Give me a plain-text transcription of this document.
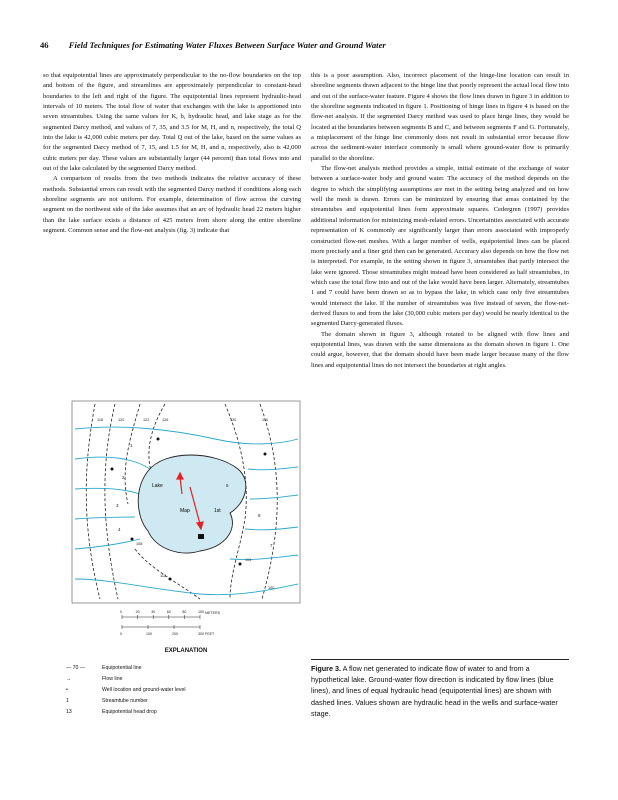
46 Field Techniques for Estimating Water Fluxes Between Surface Water and Ground Water

so that equipotential lines are approximately perpendicular to the no-flow boundaries on the top and bottom of the figure, and streamlines are approximately perpendicular to constant-head boundaries to the left and right of the figure. The equipotential lines represent hydraulic-head intervals of 10 meters. The total flow of water that exchanges with the lake is apportioned into seven streamtubes. Using the same values for K, b, hydraulic head, and lake stage as for the segmented Darcy method, and values of 7, 35, and 3.5 for M, H, and n, respectively, the total Q into the lake is 42,000 cubic meters per day. Total Q out of the lake, based on the same values as for the segmented Darcy method of 7, 15, and 1.5 for M, H, and n, respectively, also is 42,000 cubic meters per day. These values are substantially larger (44 percent) than total flows into and out of the lake calculated by the segmented Darcy method.

A comparison of results from the two methods indicates the relative accuracy of these methods. Substantial errors can result with the segmented Darcy method if conditions along each shoreline segments are not uniform. For example, determination of flow across the curving segment on the northwest side of the lake assumes that an arc of hydraulic head 22 meters higher than the lake surface exists a distance of 425 meters from shore along the entire shoreline segment. Common sense and the flow-net analysis (fig. 3) indicate that

this is a poor assumption. Also, incorrect placement of the hinge-line location can result in shoreline segments drawn adjacent to the hinge line that poorly represent the actual local flow into and out of the surface-water feature. Figure 4 shows the flow lines drawn in figure 3 in addition to the shoreline segments indicated in figure 1. Positioning of hinge lines in figure 4 is based on the flow-net analysis. If the segmented Darcy method was used to place hinge lines, they would be located at the boundaries between segments B and C, and between segments F and G. Fortunately, a misplacement of the hinge line commonly does not result in substantial error because flow across the sediment-water interface commonly is small where ground-water flow is primarily parallel to the shoreline.

The flow-net analysis method provides a simple, initial estimate of the exchange of water between a surface-water body and ground water. The accuracy of the method depends on the degree to which the simplifying assumptions are met in the setting being analyzed and on how well the mesh is drawn. Errors can be minimized by ensuring that areas contained by the streamtubes and equipotential lines form approximate squares. Cedergren (1997) provides additional information for minimizing mesh-related errors. Uncertainties associated with accurate representation of K commonly are significantly larger than errors associated with improperly constructed flow-net meshes. With a larger number of wells, equipotential lines can be placed more precisely and a finer grid then can be generated. Accuracy also depends on how the flow net is interpreted. For example, in the setting shown in figure 3, streamtubes that partly intersect the lake were ignored. Those streamtubes might instead have been considered as half streamtubes, in which case the total flow into and out of the lake would have been larger. Alternately, streamtubes 1 and 7 could have been drawn so as to bypass the lake, in which case only five streamtubes would intersect the lake. If the number of streamtubes was five instead of seven, the flow-net-derived fluxes to and from the lake (30,000 cubic meters per day) would be nearly identical to the segmented Darcy-generated fluxes.

The domain shown in figure 3, although rotated to be aligned with flow lines and equipotential lines, was drawn with the same dimensions as the domain shown in figure 1. One could argue, however, that the domain should have been made larger because many of the flow lines and equipotential lines do not intersect the boundaries at right angles.

Lake
Map	1st
1
2
3
4
5
6
7
118	120	122	126	130	110
112
104
100
108
0	20	40	60	80	100 METERS
0	100	200	300 FEET
EXPLANATION
— 70 —	Equipotential line
→	Flow line
•	Well location and ground-water level
1	Streamtube number
13	Equipotential head drop
Figure 3. A flow net generated to indicate flow of water to and from a hypothetical lake. Ground-water flow direction is indicated by flow lines (blue lines), and lines of equal hydraulic head (equipotential lines) are shown with dashed lines. Values shown are hydraulic head in the wells and surface-water stage.
